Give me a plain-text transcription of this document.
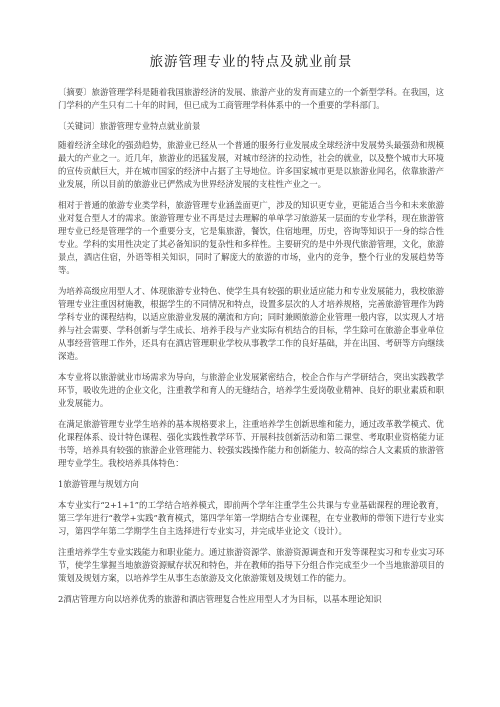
旅游管理专业的特点及就业前景

〔摘要〕旅游管理学科是随着我国旅游经济的发展、旅游产业的发育而建立的一个新型学科。在我国，这门学科的产生只有二十年的时间，但已成为工商管理学科体系中的一个重要的学科部门。

〔关键词〕旅游管理专业特点就业前景

随着经济全球化的强劲趋势，旅游业已经从一个普通的服务行业发展成全球经济中发展势头最强劲和规模最大的产业之一。近几年，旅游业的迅猛发展，对城市经济的拉动性，社会的就业，以及整个城市大环境的宣传贡献巨大，并在城市国家的经济中占据了主导地位。许多国家城市更是以旅游业闻名，依靠旅游产业发展，所以目前的旅游业已俨然成为世界经济发展的支柱性产业之一。

相对于普通的旅游专业类学科，旅游管理专业涵盖面更广，涉及的知识更专业，更能适合当今和未来旅游业对复合型人才的需求。旅游管理专业不再是过去理解的单单学习旅游某一层面的专业学科，现在旅游管理专业已经是管理学的一个重要分支，它是集旅游，餐饮，住宿地理，历史，咨询等知识于一身的综合性专业。学科的实用性决定了其必备知识的复杂性和多样性。主要研究的是中外现代旅游管理，文化，旅游景点，酒店住宿，外语等相关知识，同时了解庞大的旅游的市场，业内的竞争，整个行业的发展趋势等等。

为培养高级应用型人才、体现旅游专业特色、使学生具有较强的职业适应能力和专业发展能力，我校旅游管理专业注重因材施教，根据学生的不同情况和特点，设置多层次的人才培养规格，完善旅游管理作为跨学科专业的课程结构，以适应旅游业发展的潮流和方向；同时兼顾旅游企业管理一般内容，以实现人才培养与社会需要、学科创新与学生成长、培养手段与产业实际有机结合的目标，学生除可在旅游企事业单位从事经营管理工作外，还具有在酒店管理职业学校从事教学工作的良好基础，并在出国、考研等方向继续深造。

本专业将以旅游就业市场需求为导向，与旅游企业发展紧密结合，校企合作与产学研结合，突出实践教学环节，吸收先进的企业文化，注重教学和育人的无缝结合，培养学生爱岗敬业精神、良好的职业素质和职业发展能力。

在满足旅游管理专业学生培养的基本规格要求上，注重培养学生创新思维和能力，通过改革教学模式、优化课程体系、设计特色课程、强化实践性教学环节、开展科技创新活动和第二课堂、考取职业资格能力证书等，培养具有较强的旅游企业管理能力、较强实践操作能力和创新能力、较高的综合人文素质的旅游管理专业学生。我校培养具体特色：

1旅游管理与规划方向

本专业实行“2+1+1”的工学结合培养模式，即前两个学年注重学生公共课与专业基础课程的理论教育，第三学年进行“教学+实践”教育模式，第四学年第一学期结合专业课程，在专业教师的带领下进行专业实习，第四学年第二学期学生自主选择进行专业实习，并完成毕业论文（设计）。

注重培养学生专业实践能力和职业能力。通过旅游资源学、旅游资源调查和开发等课程实习和专业实习环节，使学生掌握当地旅游资源赋存状况和特色，并在教师的指导下分组合作完成至少一个当地旅游项目的策划及规划方案，以培养学生从事生态旅游及文化旅游策划及规划工作的能力。

2酒店管理方向以培养优秀的旅游和酒店管理复合性应用型人才为目标，以基本理论知识
